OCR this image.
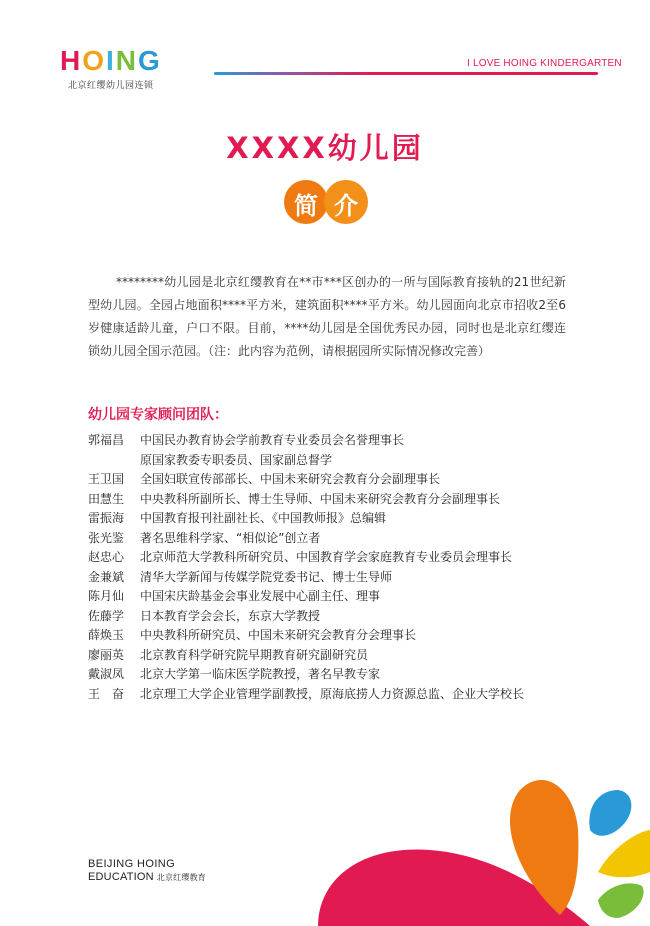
H O I N G
北京红缨幼儿园连锁
I LOVE HOING KINDERGARTEN
XXXX幼儿园
简 介

********幼儿园是北京红缨教育在**市***区创办的一所与国际教育接轨的21世纪新型幼儿园。全园占地面积****平方米，建筑面积****平方米。幼儿园面向北京市招收2至6岁健康适龄儿童，户口不限。目前，****幼儿园是全国优秀民办园，同时也是北京红缨连锁幼儿园全国示范园。（注：此内容为范例，请根据园所实际情况修改完善）

幼儿园专家顾问团队：
郭福昌	中国民办教育协会学前教育专业委员会名誉理事长
原国家教委专职委员、国家副总督学
王卫国	全国妇联宣传部部长、中国未来研究会教育分会副理事长
田慧生	中央教科所副所长、博士生导师、中国未来研究会教育分会副理事长
雷振海	中国教育报刊社副社长、《中国教师报》总编辑
张光鉴	著名思维科学家、“相似论”创立者
赵忠心	北京师范大学教科所研究员、中国教育学会家庭教育专业委员会理事长
金兼斌	清华大学新闻与传媒学院党委书记、博士生导师
陈月仙	中国宋庆龄基金会事业发展中心副主任、理事
佐藤学	日本教育学会会长，东京大学教授
薛焕玉	中央教科所研究员、中国未来研究会教育分会理事长
廖丽英	北京教育科学研究院早期教育研究副研究员
戴淑凤	北京大学第一临床医学院教授，著名早教专家
王　奋	北京理工大学企业管理学副教授，原海底捞人力资源总监、企业大学校长
BEIJING HOING
EDUCATION 北京红缨教育
